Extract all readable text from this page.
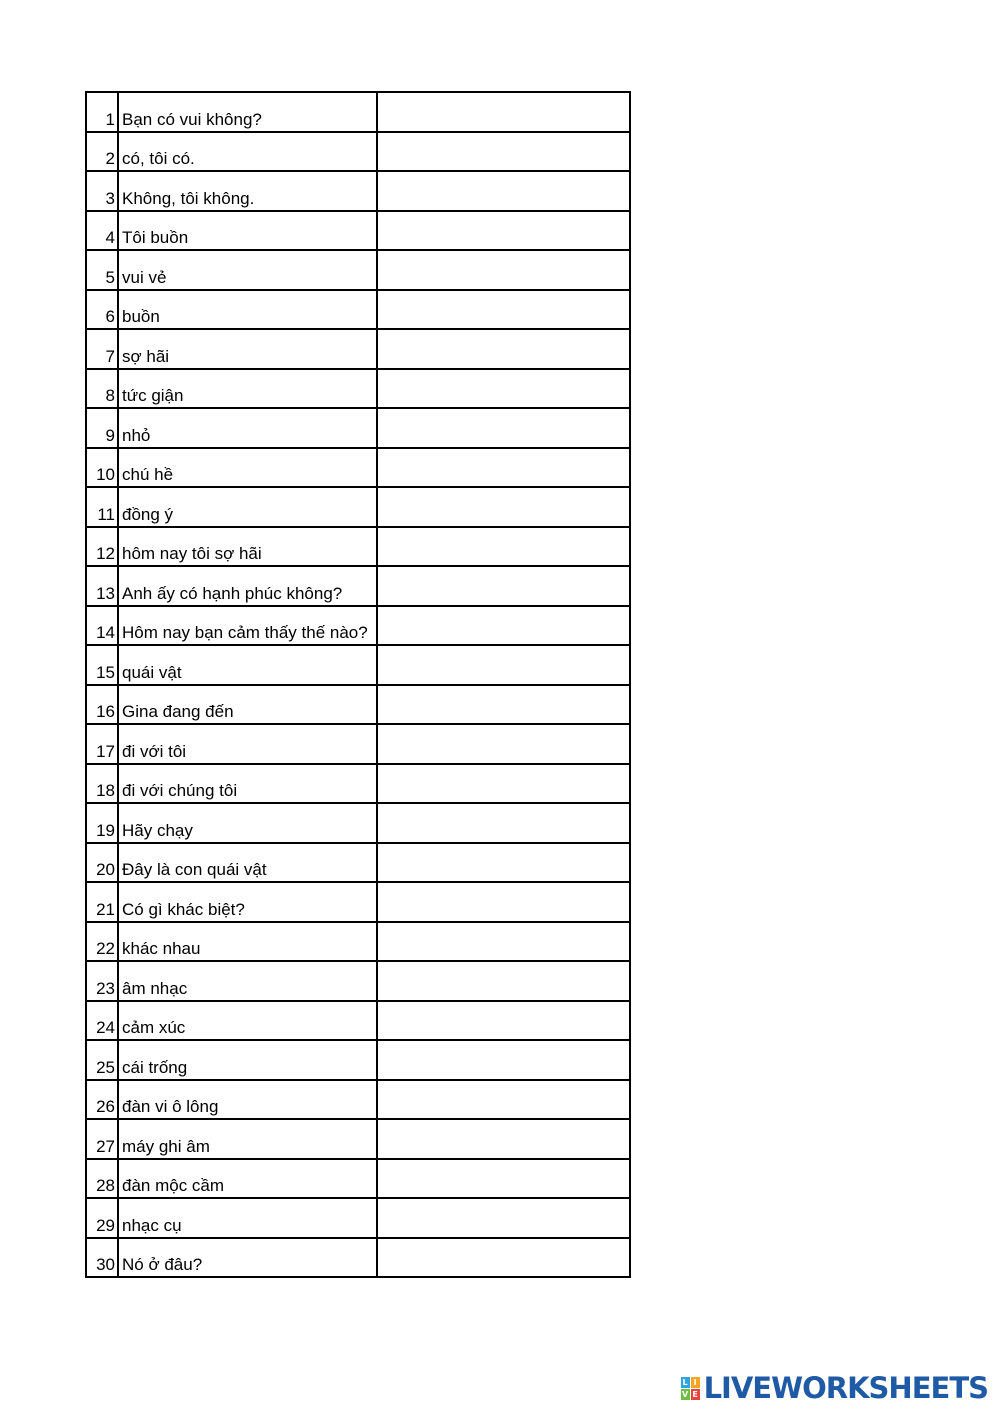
1	Bạn có vui không?	

2	có, tôi có.	

3	Không, tôi không.	

4	Tôi buồn	

5	vui vẻ	

6	buồn	

7	sợ hãi	

8	tức giận	

9	nhỏ	

10	chú hề	

11	đồng ý	

12	hôm nay tôi sợ hãi	

13	Anh ấy có hạnh phúc không?	

14	Hôm nay bạn cảm thấy thế nào?	

15	quái vật	

16	Gina đang đến	

17	đi với tôi	

18	đi với chúng tôi	

19	Hãy chạy	

20	Đây là con quái vật	

21	Có gì khác biệt?	

22	khác nhau	

23	âm nhạc	

24	cảm xúc	

25	cái trống	

26	đàn vi ô lông	

27	máy ghi âm	

28	đàn mộc cầm	

29	nhạc cụ	

30	Nó ở đâu?	
L I
V E LIVEWORKSHEETS
